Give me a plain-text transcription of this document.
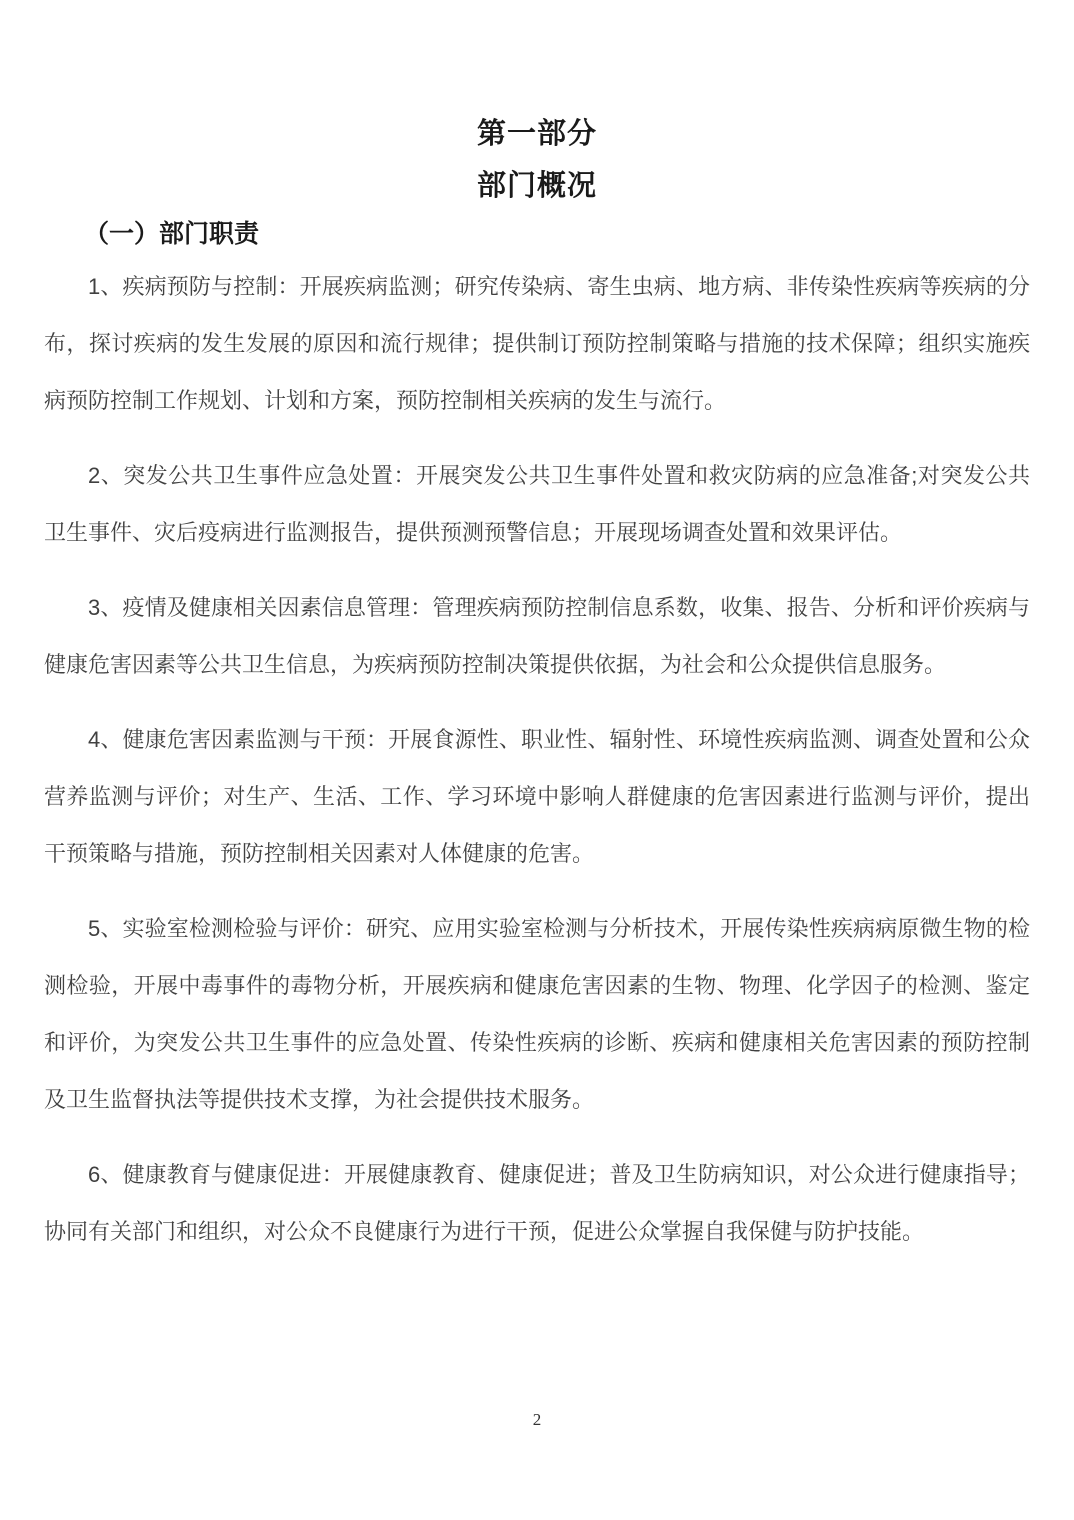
第一部分
部门概况
（一）部门职责

1、疾病预防与控制：开展疾病监测；研究传染病、寄生虫病、地方病、非传染性疾病等疾病的分布，探讨疾病的发生发展的原因和流行规律；提供制订预防控制策略与措施的技术保障；组织实施疾病预防控制工作规划、计划和方案，预防控制相关疾病的发生与流行。

2、突发公共卫生事件应急处置：开展突发公共卫生事件处置和救灾防病的应急准备;对突发公共卫生事件、灾后疫病进行监测报告，提供预测预警信息；开展现场调查处置和效果评估。

3、疫情及健康相关因素信息管理：管理疾病预防控制信息系数，收集、报告、分析和评价疾病与健康危害因素等公共卫生信息，为疾病预防控制决策提供依据，为社会和公众提供信息服务。

4、健康危害因素监测与干预：开展食源性、职业性、辐射性、环境性疾病监测、调查处置和公众营养监测与评价；对生产、生活、工作、学习环境中影响人群健康的危害因素进行监测与评价，提出干预策略与措施，预防控制相关因素对人体健康的危害。

5、实验室检测检验与评价：研究、应用实验室检测与分析技术，开展传染性疾病病原微生物的检测检验，开展中毒事件的毒物分析，开展疾病和健康危害因素的生物、物理、化学因子的检测、鉴定和评价，为突发公共卫生事件的应急处置、传染性疾病的诊断、疾病和健康相关危害因素的预防控制及卫生监督执法等提供技术支撑，为社会提供技术服务。

6、健康教育与健康促进：开展健康教育、健康促进；普及卫生防病知识，对公众进行健康指导；协同有关部门和组织，对公众不良健康行为进行干预，促进公众掌握自我保健与防护技能。

2
